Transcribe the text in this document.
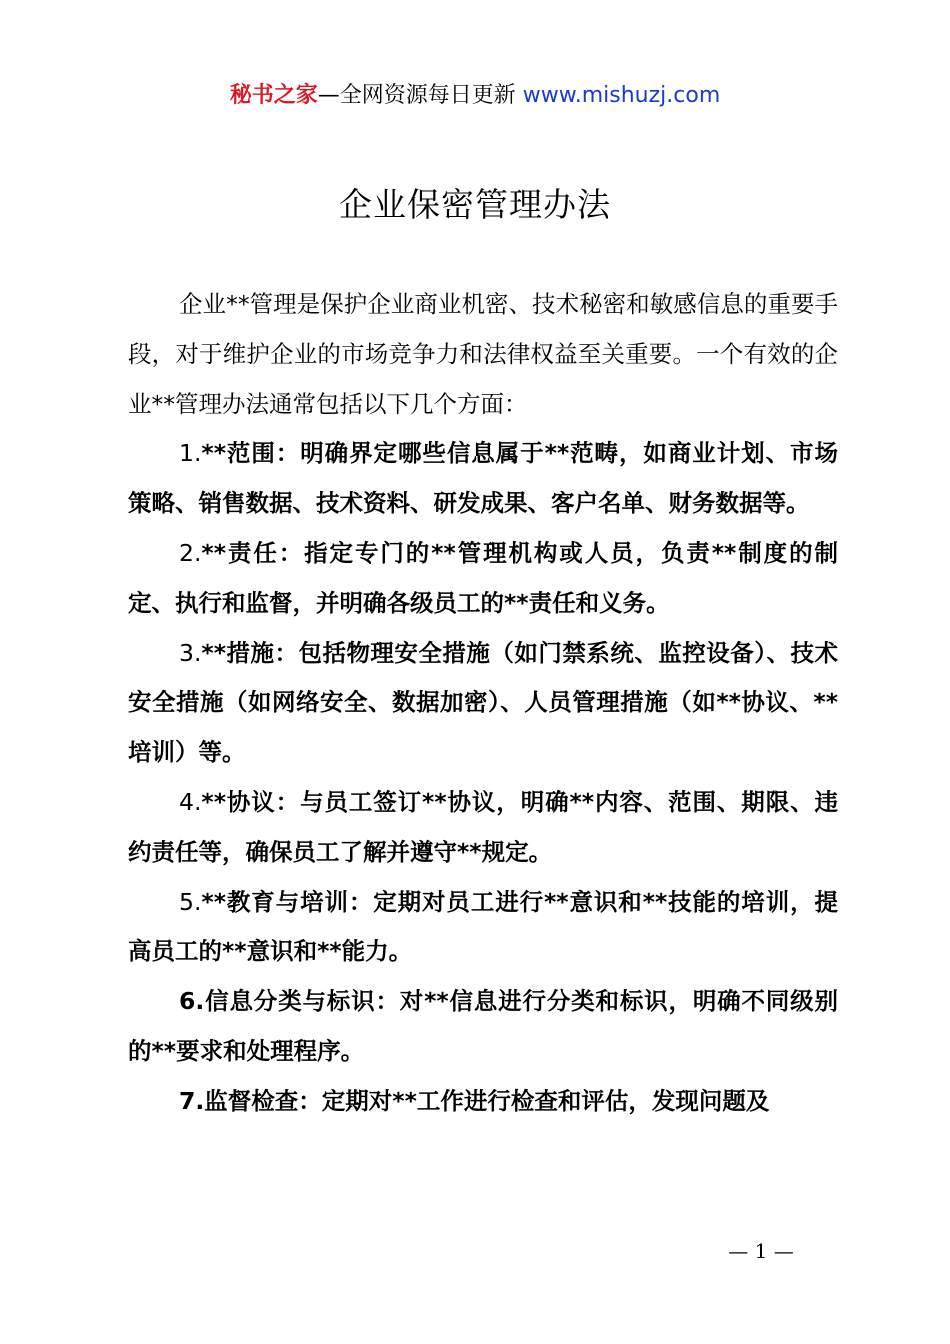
秘书之家—全网资源每日更新 www.mishuzj.com
企业保密管理办法

企业**管理是保护企业商业机密、技术秘密和敏感信息的重要手段，对于维护企业的市场竞争力和法律权益至关重要。一个有效的企业**管理办法通常包括以下几个方面：

1.**范围：明确界定哪些信息属于**范畴，如商业计划、市场策略、销售数据、技术资料、研发成果、客户名单、财务数据等。

2.**责任：指定专门的**管理机构或人员，负责**制度的制定、执行和监督，并明确各级员工的**责任和义务。

3.**措施：包括物理安全措施（如门禁系统、监控设备）、技术安全措施（如网络安全、数据加密）、人员管理措施（如**协议、**培训）等。

4.**协议：与员工签订**协议，明确**内容、范围、期限、违约责任等，确保员工了解并遵守**规定。

5.**教育与培训：定期对员工进行**意识和**技能的培训，提高员工的**意识和**能力。

6.信息分类与标识：对**信息进行分类和标识，明确不同级别的**要求和处理程序。

7.监督检查：定期对**工作进行检查和评估，发现问题及

— 1 —
